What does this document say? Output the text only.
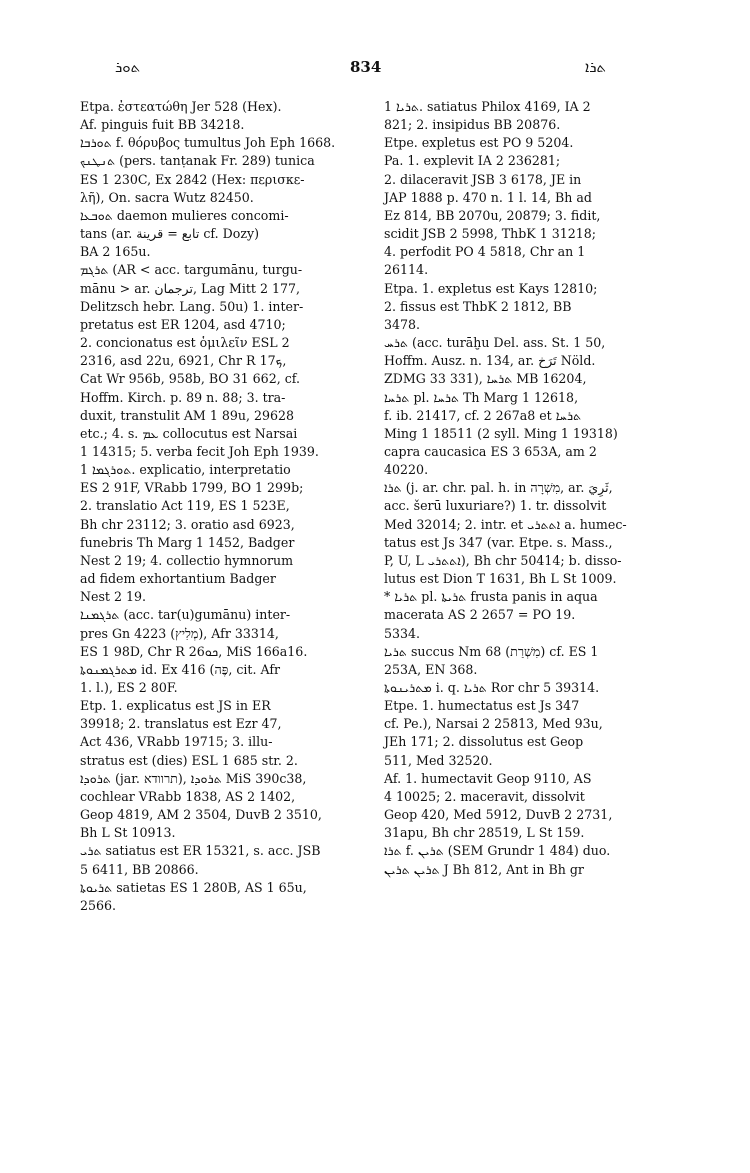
ܬܘܪ	834	ܬܪܐ

Etpa. ἐστεατώθη Jer 528 (Hex).

Af. pinguis fuit BB 34218.

ܬܘܪܒܐ f. θόρυβος tumultus Joh Eph 1668.

ܬܢܛܢܟ (pers. tanṭanak Fr. 289) tunica

ES 1 230C, Ex 2842 (Hex: περισκε-

λῆ), On. sacra Wutz 82450.

ܬܘܒܥܐ daemon mulieres concomi-

tans (ar. تابع = قرينة cf. Dozy)

BA 2 165u.

ܬܪܓܡ (AR < acc. targumānu, turgu-

mānu > ar. ترجمان, Lag Mitt 2 177,

Delitzsch hebr. Lang. 50u) 1. inter-

pretatus est ER 1204, asd 4710;

2. concionatus est ὁμιλεῖν ESL 2

2316, asd 22u, 6921, Chr R ܟ17,

Cat Wr 956b, 958b, BO 31 662, cf.

Hoffm. Kirch. p. 89 n. 88; 3. tra-

duxit, transtulit AM 1 89u, 29628

etc.; 4. s. ܥܡ collocutus est Narsai

1 14315; 5. verba fecit Joh Eph 1939.

ܬܘܪܓܡܐ 1. explicatio, interpretatio

ES 2 91F, VRabb 1799, BO 1 299b;

2. translatio Act 119, ES 1 523E,

Bh chr 23112; 3. oratio asd 6923,

funebris Th Marg 1 1452, Badger

Nest 2 19; 4. collectio hymnorum

ad fidem exhortantium Badger

Nest 2 19.

ܬܪܓܡܢܐ (acc. tar(u)gumānu) inter-

pres Gn 4223 (מְלִיץ), Afr 33314,

ES 1 98D, Chr R ܟܘ26, MiS 166a16.

ܡܬܪܓܡܢܘܬܐ id. Ex 416 (פֶּה, cit. Afr

1. l.), ES 2 80F.

Etp. 1. explicatus est JS in ER

39918; 2. translatus est Ezr 47,

Act 436, VRabb 19715; 3. illu-

stratus est (dies) ESL 1 685 str. 2.

ܬܪܘܕܐ (jar. תרוודא), ܬܪܘܕܐ MiS 390c38,

cochlear VRabb 1838, AS 2 1402,

Geop 4819, AM 2 3504, DuvB 2 3510,

Bh L St 10913.

ܬܪܝ satiatus est ER 15321, s. acc. JSB

5 6411, BB 20866.

ܬܪܝܘܬܐ satietas ES 1 280B, AS 1 65u,

2566.

ܬܪܝܐ 1. satiatus Philox 4169, IA 2

821; 2. insipidus BB 20876.

Etpe. expletus est PO 9 5204.

Pa. 1. explevit IA 2 236281;

2. dilaceravit JSB 3 6178, JE in

JAP 1888 p. 470 n. 1 l. 14, Bh ad

Ez 814, BB 2070u, 20879; 3. fidit,

scidit JSB 2 5998, ThbK 1 31218;

4. perfodit PO 4 5818, Chr an 1

26114.

Etpa. 1. expletus est Kays 12810;

2. fissus est ThbK 2 1812, BB

3478.

ܬܪܚ (acc. turāḫu Del. ass. St. 1 50,

Hoffm. Ausz. n. 134, ar. تَرَخ Nöld.

ZDMG 33 331), ܬܪܚܐ MB 16204,

ܬܪܚܐ pl. ܬܪܚܐ Th Marg 1 12618,

f. ib. 21417, cf. 2 267a8 et ܬܪܚܐ

Ming 1 18511 (2 syll. Ming 1 19318)

capra caucasica ES 3 653A, am 2

40220.

ܬܪܐ (j. ar. chr. pal. h. in מִשְׁרָה, ar. ثَرِيَ,

acc. šerū luxuriare?) 1. tr. dissolvit

Med 32014; 2. intr. et ܐܬܬܪܝ a. humec-

tatus est Js 347 (var. Etpe. s. Mass.,

P, U, L ܐܬܬܪܝ), Bh chr 50414; b. disso-

lutus est Dion T 1631, Bh L St 1009.

* ܬܪܝܐ pl. ܬܪܝܬܐ frusta panis in aqua

macerata AS 2 2657 = PO 19.

5334.

ܬܪܝܐ succus Nm 68 (מִשְׁרַת) cf. ES 1

253A, EN 368.

ܡܬܪܝܢܘܬܐ i. q. ܬܪܝܐ Ror chr 5 39314.

Etpe. 1. humectatus est Js 347

cf. Pe.), Narsai 2 25813, Med 93u,

JEh 171; 2. dissolutus est Geop

511, Med 32520.

Af. 1. humectavit Geop 9110, AS

4 10025; 2. maceravit, dissolvit

Geop 420, Med 5912, DuvB 2 2731,

31apu, Bh chr 28519, L St 159.

ܬܪܐ f. ܬܪܝܢ (SEM Grundr 1 484) duo.

ܬܪܝܢ ܬܪܝܢ J Bh 812, Ant in Bh gr
